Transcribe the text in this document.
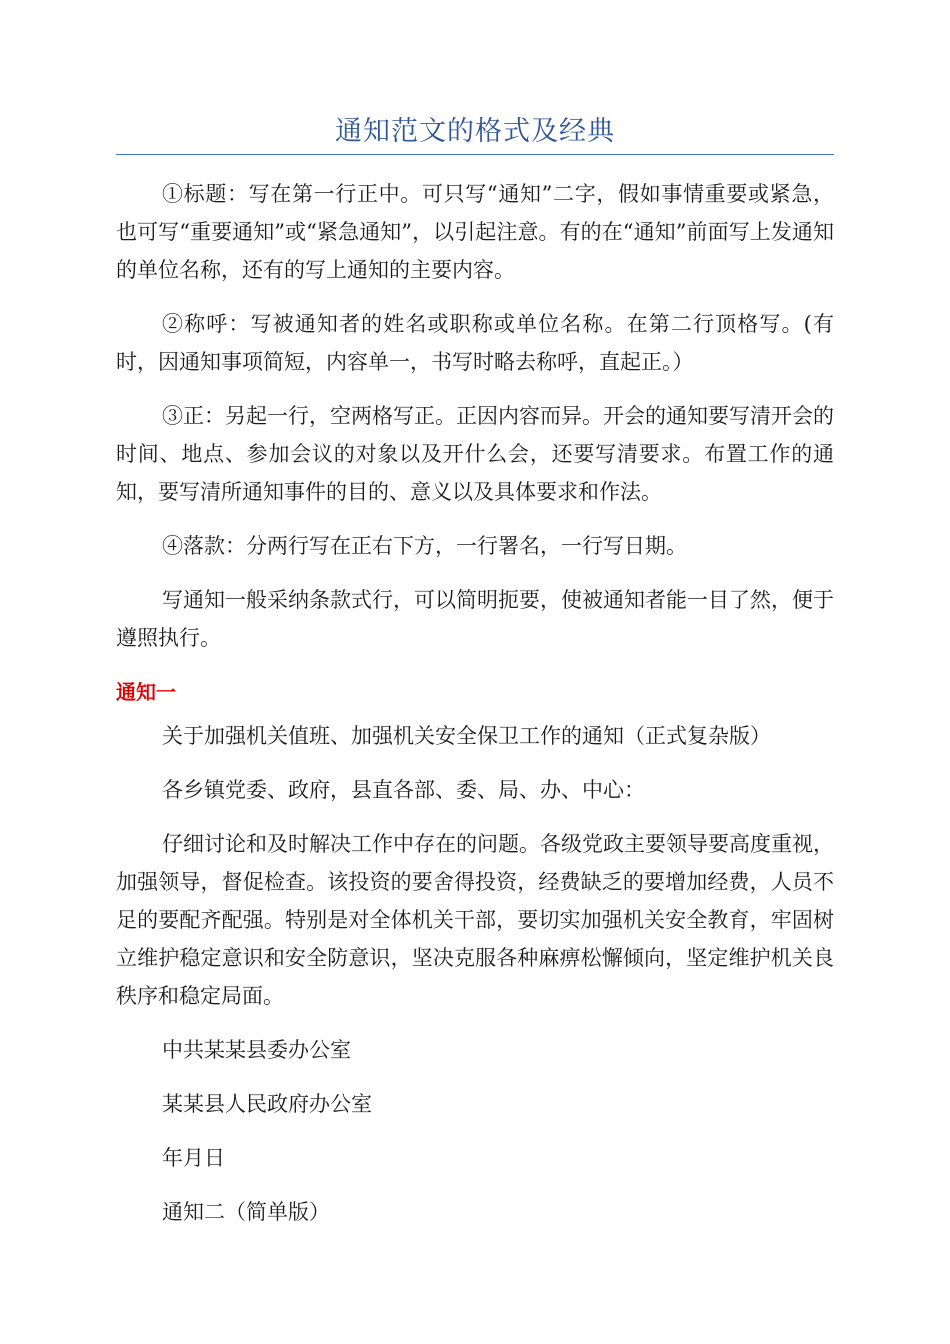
通知范文的格式及经典

①标题：写在第一行正中。可只写“通知”二字，假如事情重要或紧急，也可写“重要通知”或“紧急通知”，以引起注意。有的在“通知”前面写上发通知的单位名称，还有的写上通知的主要内容。

②称呼：写被通知者的姓名或职称或单位名称。在第二行顶格写。(有时，因通知事项简短，内容单一，书写时略去称呼，直起正。）

③正：另起一行，空两格写正。正因内容而异。开会的通知要写清开会的时间、地点、参加会议的对象以及开什么会，还要写清要求。布置工作的通知，要写清所通知事件的目的、意义以及具体要求和作法。

④落款：分两行写在正右下方，一行署名，一行写日期。

写通知一般采纳条款式行，可以简明扼要，使被通知者能一目了然，便于遵照执行。

通知一

关于加强机关值班、加强机关安全保卫工作的通知（正式复杂版）

各乡镇党委、政府，县直各部、委、局、办、中心：

仔细讨论和及时解决工作中存在的问题。各级党政主要领导要高度重视，加强领导，督促检查。该投资的要舍得投资，经费缺乏的要增加经费，人员不足的要配齐配强。特别是对全体机关干部，要切实加强机关安全教育，牢固树立维护稳定意识和安全防意识，坚决克服各种麻痹松懈倾向，坚定维护机关良秩序和稳定局面。

中共某某县委办公室

某某县人民政府办公室

年月日

通知二（简单版）
